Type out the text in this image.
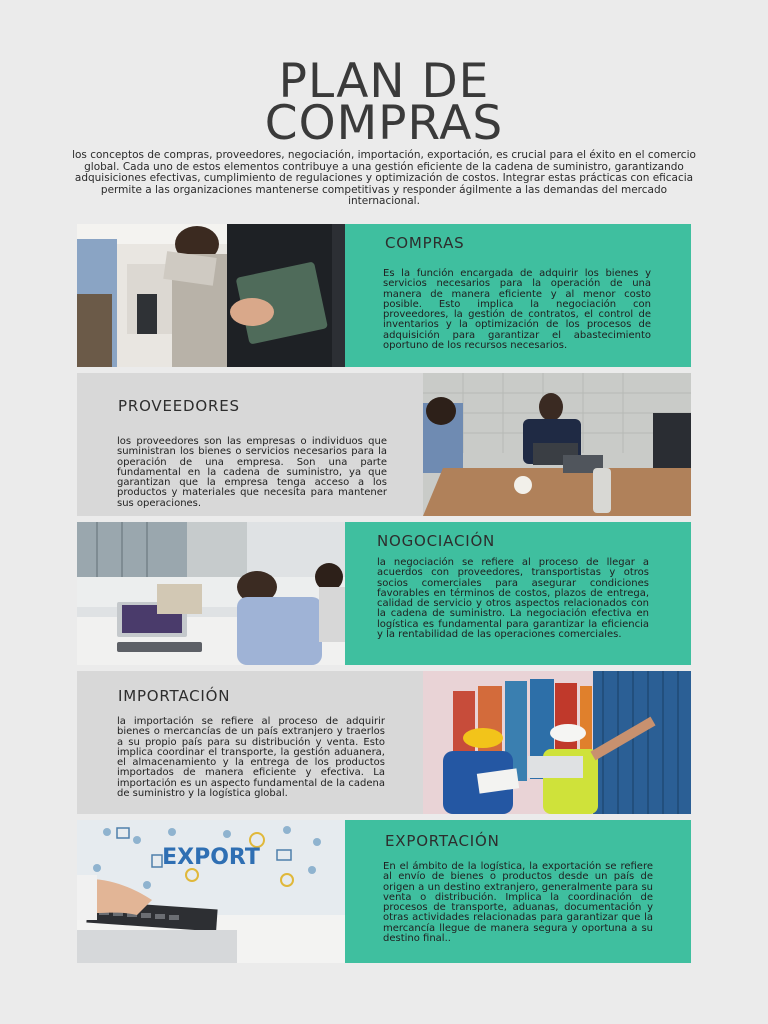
PLAN DE
COMPRAS

los conceptos de compras, proveedores, negociación, importación, exportación, es crucial para el éxito en el comercio global. Cada uno de estos elementos contribuye a una gestión eficiente de la cadena de suministro, garantizando adquisiciones efectivas, cumplimiento de regulaciones y optimización de costos. Integrar estas prácticas con eficacia permite a las organizaciones mantenerse competitivas y responder ágilmente a las demandas del mercado internacional.

COMPRAS

Es la función encargada de adquirir los bienes y servicios necesarios para la operación de una manera de manera eficiente y al menor costo posible. Esto implica la negociación con proveedores, la gestión de contratos, el control de inventarios y la optimización de los procesos de adquisición para garantizar el abastecimiento oportuno de los recursos necesarios.

PROVEEDORES

los proveedores son las empresas o individuos que suministran los bienes o servicios necesarios para la operación de una empresa. Son una parte fundamental en la cadena de suministro, ya que garantizan que la empresa tenga acceso a los productos y materiales que necesita para mantener sus operaciones.

NOGOCIACIÓN

la negociación se refiere al proceso de llegar a acuerdos con proveedores, transportistas y otros socios comerciales para asegurar condiciones favorables en términos de costos, plazos de entrega, calidad de servicio y otros aspectos relacionados con la cadena de suministro. La negociación efectiva en logística es fundamental para garantizar la eficiencia y la rentabilidad de las operaciones comerciales.

IMPORTACIÓN

la importación se refiere al proceso de adquirir bienes o mercancías de un país extranjero y traerlos a su propio país para su distribución y venta. Esto implica coordinar el transporte, la gestión aduanera, el almacenamiento y la entrega de los productos importados de manera eficiente y efectiva. La importación es un aspecto fundamental de la cadena de suministro y la logística global.

EXPORT
EXPORTACIÓN

En el ámbito de la logística, la exportación se refiere al envío de bienes o productos desde un país de origen a un destino extranjero, generalmente para su venta o distribución. Implica la coordinación de procesos de transporte, aduanas, documentación y otras actividades relacionadas para garantizar que la mercancía llegue de manera segura y oportuna a su destino final..
